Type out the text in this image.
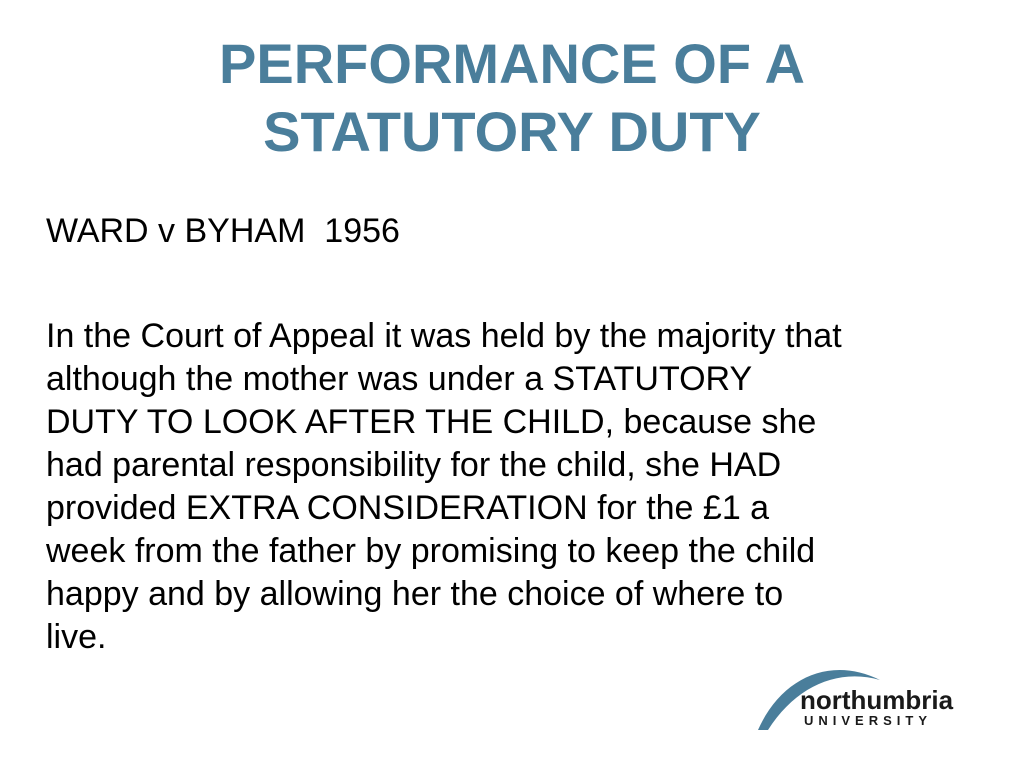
PERFORMANCE OF A
STATUTORY DUTY

WARD v BYHAM  1956

In the Court of Appeal it was held by the majority that
although the mother was under a STATUTORY
DUTY TO LOOK AFTER THE CHILD, because she
had parental responsibility for the child, she HAD
provided EXTRA CONSIDERATION for the £1 a
week from the father by promising to keep the child
happy and by allowing her the choice of where to
live.

northumbria
UNIVERSITY
